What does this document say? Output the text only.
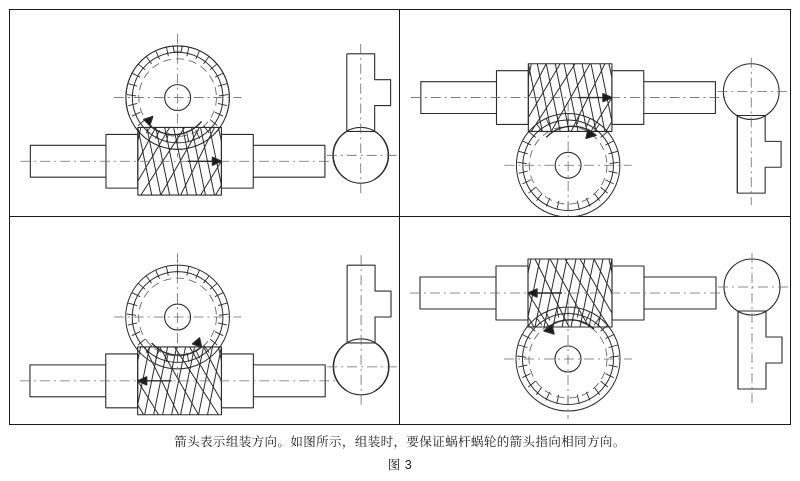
箭头表示组装方向。如图所示，组装时，要保证蜗杆蜗轮的箭头指向相同方向。
图 3
